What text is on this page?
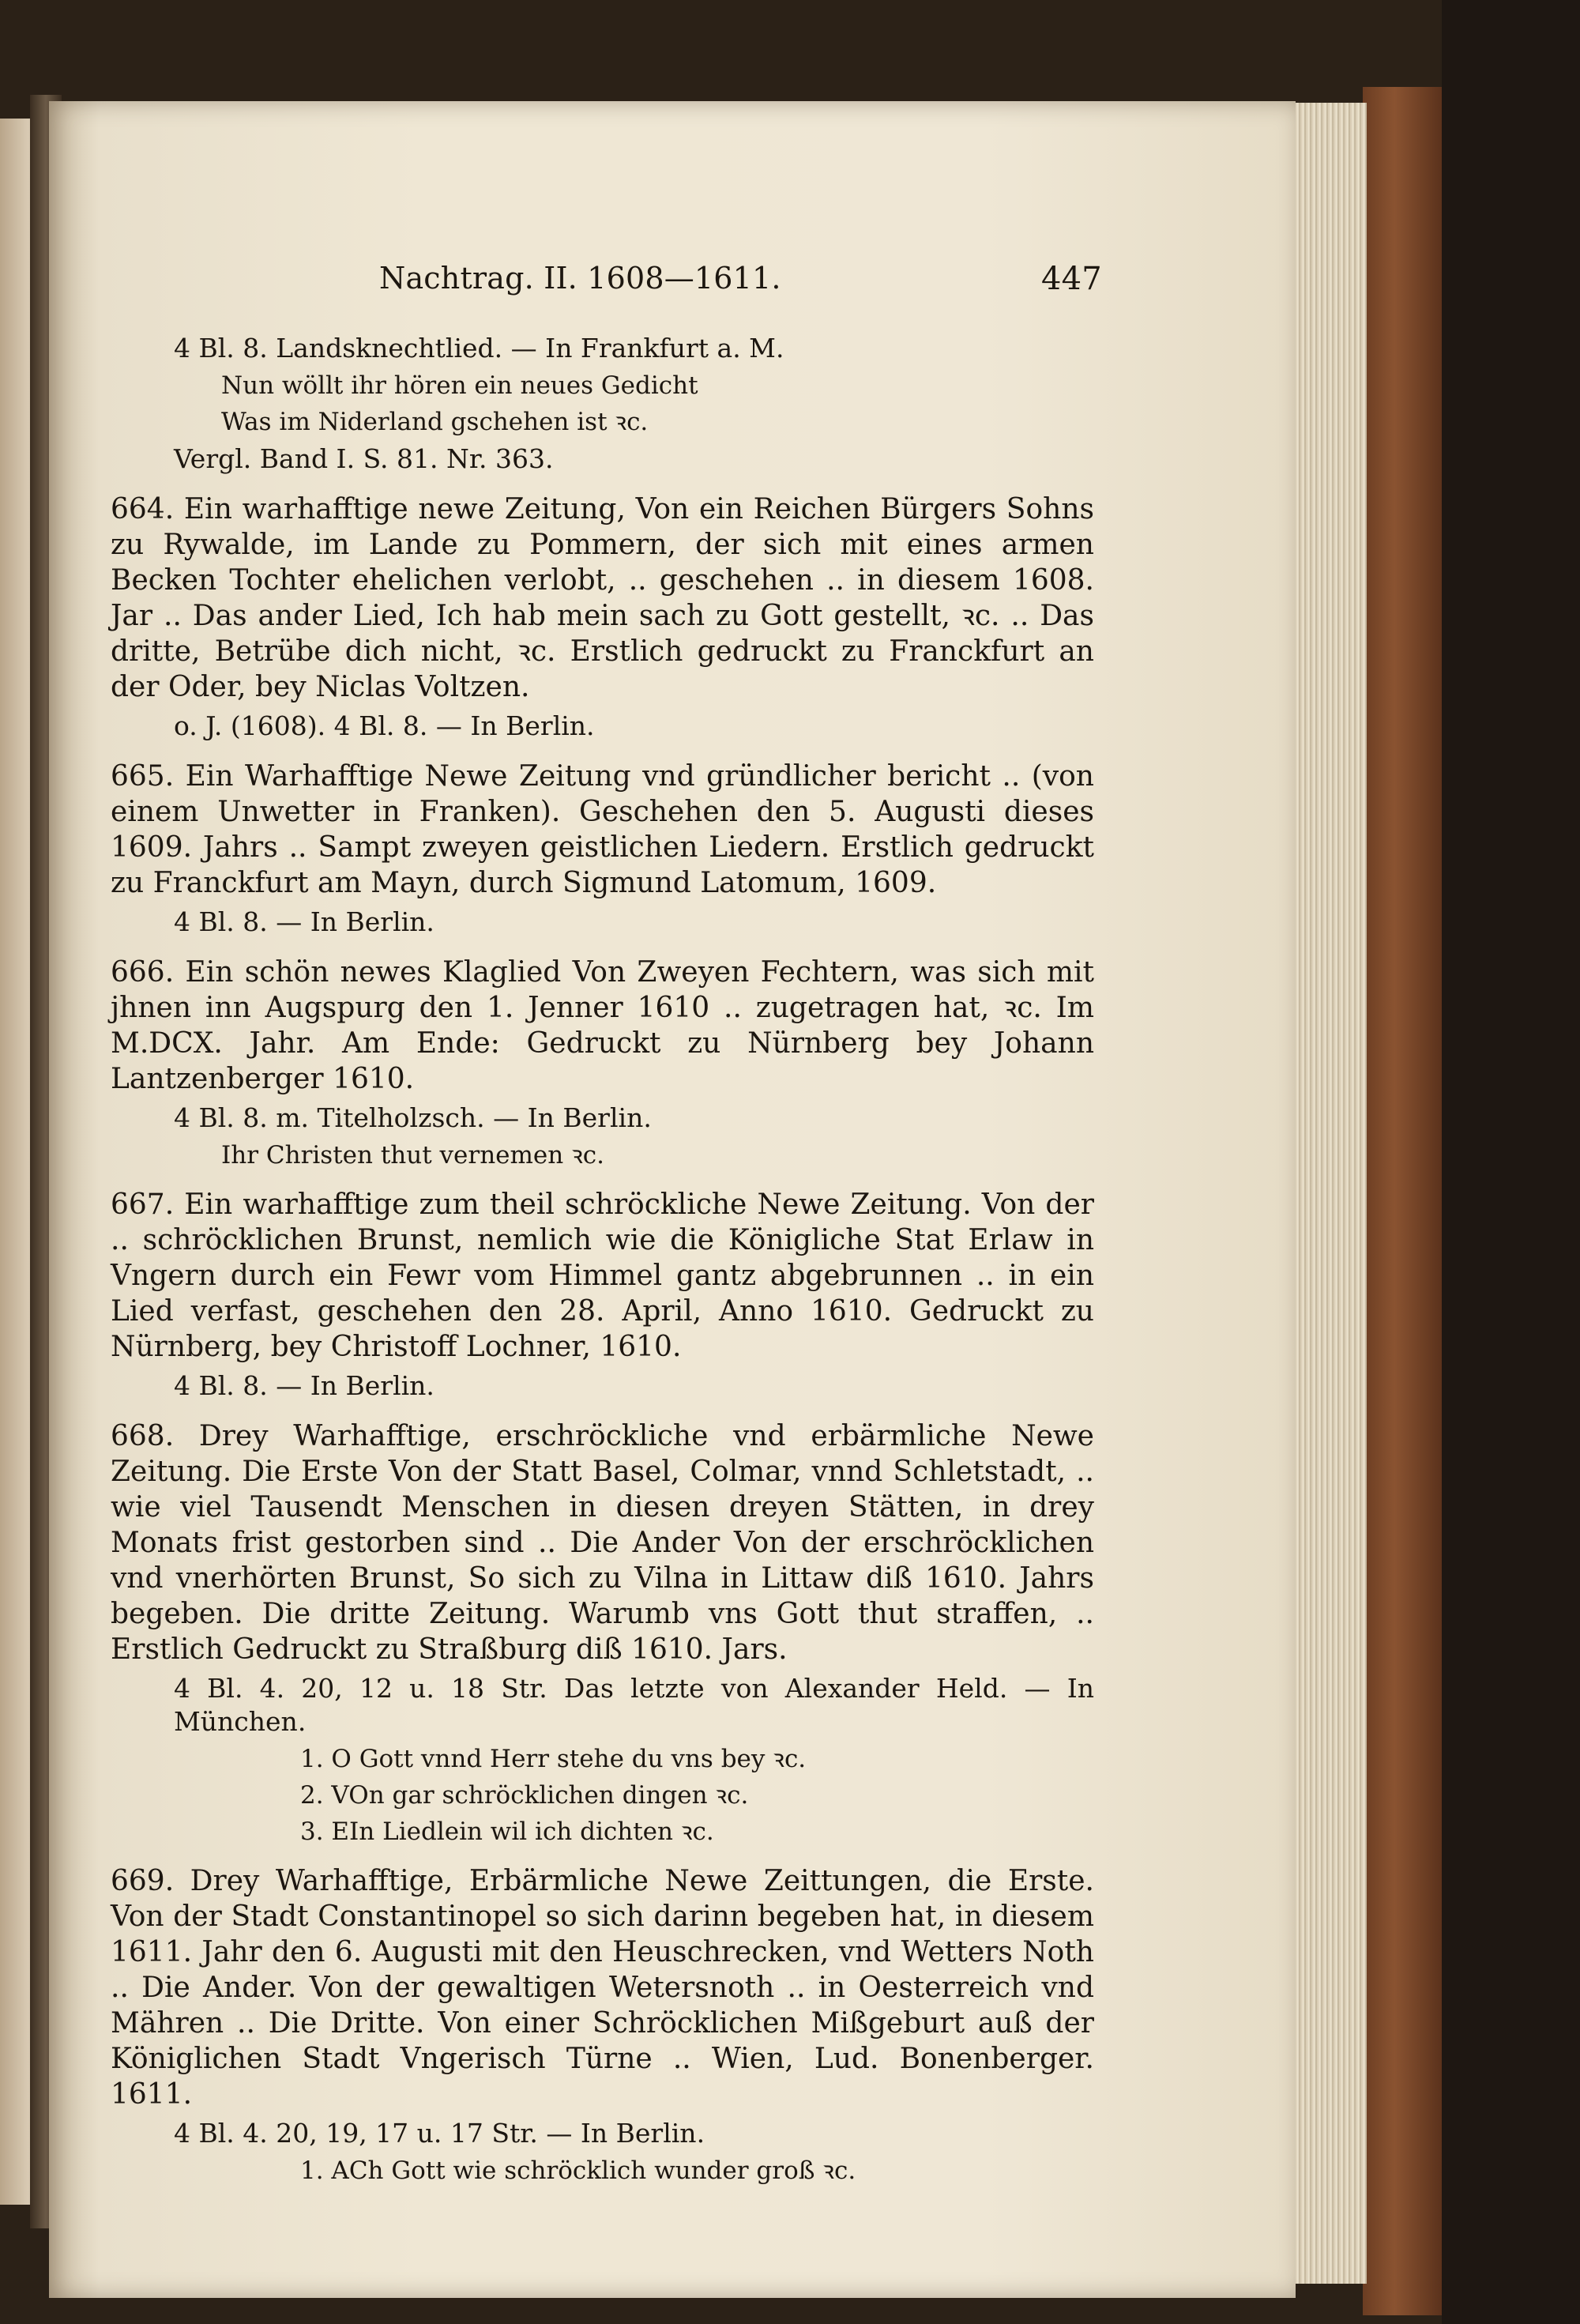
Nachtrag. II. 1608—1611.	447
4 Bl. 8. Landsknechtlied. — In Frankfurt a. M.
Nun wöllt ihr hören ein neues Gedicht
Was im Niderland gschehen ist ꝛc.
Vergl. Band I. S. 81. Nr. 363.
664. Ein warhafftige newe Zeitung, Von ein Reichen Bürgers Sohns zu Rywalde, im Lande zu Pommern, der sich mit eines armen Becken Tochter ehelichen verlobt, .. geschehen .. in diesem 1608. Jar .. Das ander Lied, Ich hab mein sach zu Gott gestellt, ꝛc. .. Das dritte, Betrübe dich nicht, ꝛc. Erstlich gedruckt zu Franckfurt an der Oder, bey Niclas Voltzen.
o. J. (1608). 4 Bl. 8. — In Berlin.
665. Ein Warhafftige Newe Zeitung vnd gründlicher bericht .. (von einem Unwetter in Franken). Geschehen den 5. Augusti dieses 1609. Jahrs .. Sampt zweyen geistlichen Liedern. Erstlich gedruckt zu Franckfurt am Mayn, durch Sigmund Latomum, 1609.
4 Bl. 8. — In Berlin.
666. Ein schön newes Klaglied Von Zweyen Fechtern, was sich mit jhnen inn Augspurg den 1. Jenner 1610 .. zugetragen hat, ꝛc. Im M.DCX. Jahr. Am Ende: Gedruckt zu Nürnberg bey Johann Lantzenberger 1610.
4 Bl. 8. m. Titelholzsch. — In Berlin.
Ihr Christen thut vernemen ꝛc.
667. Ein warhafftige zum theil schröckliche Newe Zeitung. Von der .. schröcklichen Brunst, nemlich wie die Königliche Stat Erlaw in Vngern durch ein Fewr vom Himmel gantz abgebrunnen .. in ein Lied verfast, geschehen den 28. April, Anno 1610. Gedruckt zu Nürnberg, bey Christoff Lochner, 1610.
4 Bl. 8. — In Berlin.
668. Drey Warhafftige, erschröckliche vnd erbärmliche Newe Zeitung. Die Erste Von der Statt Basel, Colmar, vnnd Schletstadt, .. wie viel Tausendt Menschen in diesen dreyen Stätten, in drey Monats frist gestorben sind .. Die Ander Von der erschröcklichen vnd vnerhörten Brunst, So sich zu Vilna in Littaw diß 1610. Jahrs begeben. Die dritte Zeitung. Warumb vns Gott thut straffen, .. Erstlich Gedruckt zu Straßburg diß 1610. Jars.
4 Bl. 4. 20, 12 u. 18 Str. Das letzte von Alexander Held. — In München.
1. O Gott vnnd Herr stehe du vns bey ꝛc.
2. VOn gar schröcklichen dingen ꝛc.
3. EIn Liedlein wil ich dichten ꝛc.
669. Drey Warhafftige, Erbärmliche Newe Zeittungen, die Erste. Von der Stadt Constantinopel so sich darinn begeben hat, in diesem 1611. Jahr den 6. Augusti mit den Heuschrecken, vnd Wetters Noth .. Die Ander. Von der gewaltigen Wetersnoth .. in Oesterreich vnd Mähren .. Die Dritte. Von einer Schröcklichen Mißgeburt auß der Königlichen Stadt Vngerisch Türne .. Wien, Lud. Bonenberger. 1611.
4 Bl. 4. 20, 19, 17 u. 17 Str. — In Berlin.
1. ACh Gott wie schröcklich wunder groß ꝛc.
